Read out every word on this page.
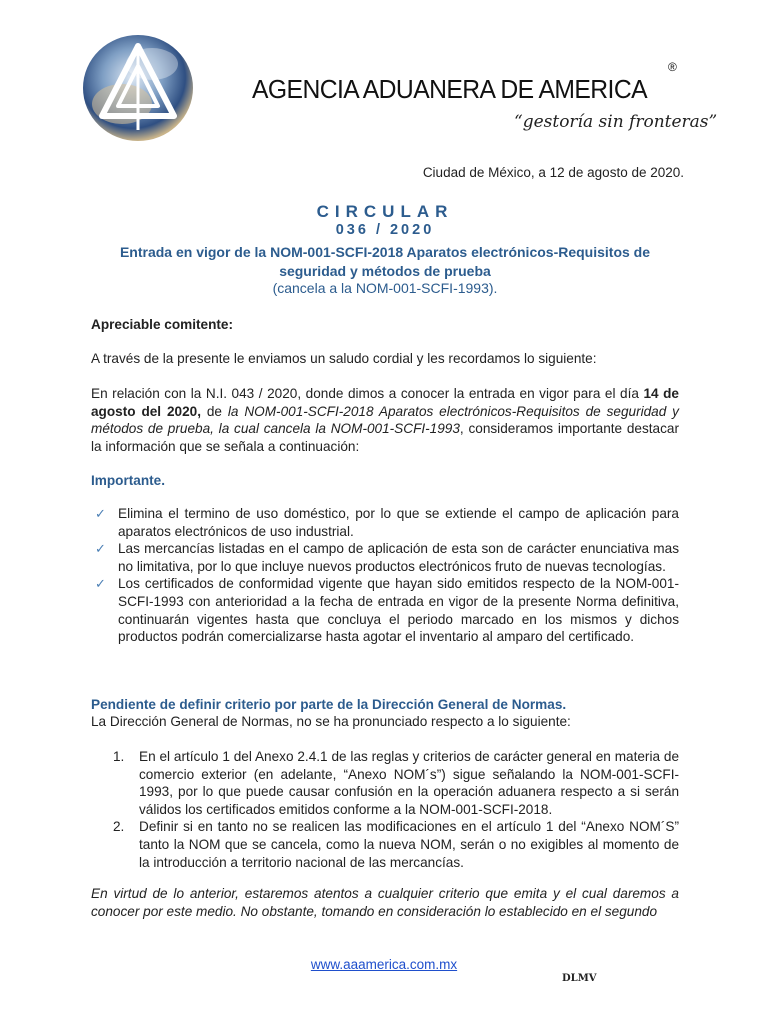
AGENCIA ADUANERA DE AMERICA
®
“gestoría sin fronteras”
Ciudad de México, a 12 de agosto de 2020.
CIRCULAR
036 / 2020
Entrada en vigor de la NOM-001-SCFI-2018 Aparatos electrónicos-Requisitos de seguridad y métodos de prueba
(cancela a la NOM-001-SCFI-1993).
Apreciable comitente:
A través de la presente le enviamos un saludo cordial y les recordamos lo siguiente:
En relación con la N.I. 043 / 2020, donde dimos a conocer la entrada en vigor para el día 14 de agosto del 2020, de la NOM-001-SCFI-2018 Aparatos electrónicos-Requisitos de seguridad y métodos de prueba, la cual cancela la NOM-001-SCFI-1993, consideramos importante destacar la información que se señala a continuación:
Importante.
✓ Elimina el termino de uso doméstico, por lo que se extiende el campo de aplicación para aparatos electrónicos de uso industrial.
✓ Las mercancías listadas en el campo de aplicación de esta son de carácter enunciativa mas no limitativa, por lo que incluye nuevos productos electrónicos fruto de nuevas tecnologías.
✓ Los certificados de conformidad vigente que hayan sido emitidos respecto de la NOM-001-SCFI-1993 con anterioridad a la fecha de entrada en vigor de la presente Norma definitiva, continuarán vigentes hasta que concluya el periodo marcado en los mismos y dichos productos podrán comercializarse hasta agotar el inventario al amparo del certificado.
Pendiente de definir criterio por parte de la Dirección General de Normas.
La Dirección General de Normas, no se ha pronunciado respecto a lo siguiente:
1. En el artículo 1 del Anexo 2.4.1 de las reglas y criterios de carácter general en materia de comercio exterior (en adelante, “Anexo NOM´s”) sigue señalando la NOM-001-SCFI-1993, por lo que puede causar confusión en la operación aduanera respecto a si serán válidos los certificados emitidos conforme a la NOM-001-SCFI-2018.
2. Definir si en tanto no se realicen las modificaciones en el artículo 1 del “Anexo NOM´S” tanto la NOM que se cancela, como la nueva NOM, serán o no exigibles al momento de la introducción a territorio nacional de las mercancías.
En virtud de lo anterior, estaremos atentos a cualquier criterio que emita y el cual daremos a conocer por este medio. No obstante, tomando en consideración lo establecido en el segundo
www.aaamerica.com.mx
DLMV
